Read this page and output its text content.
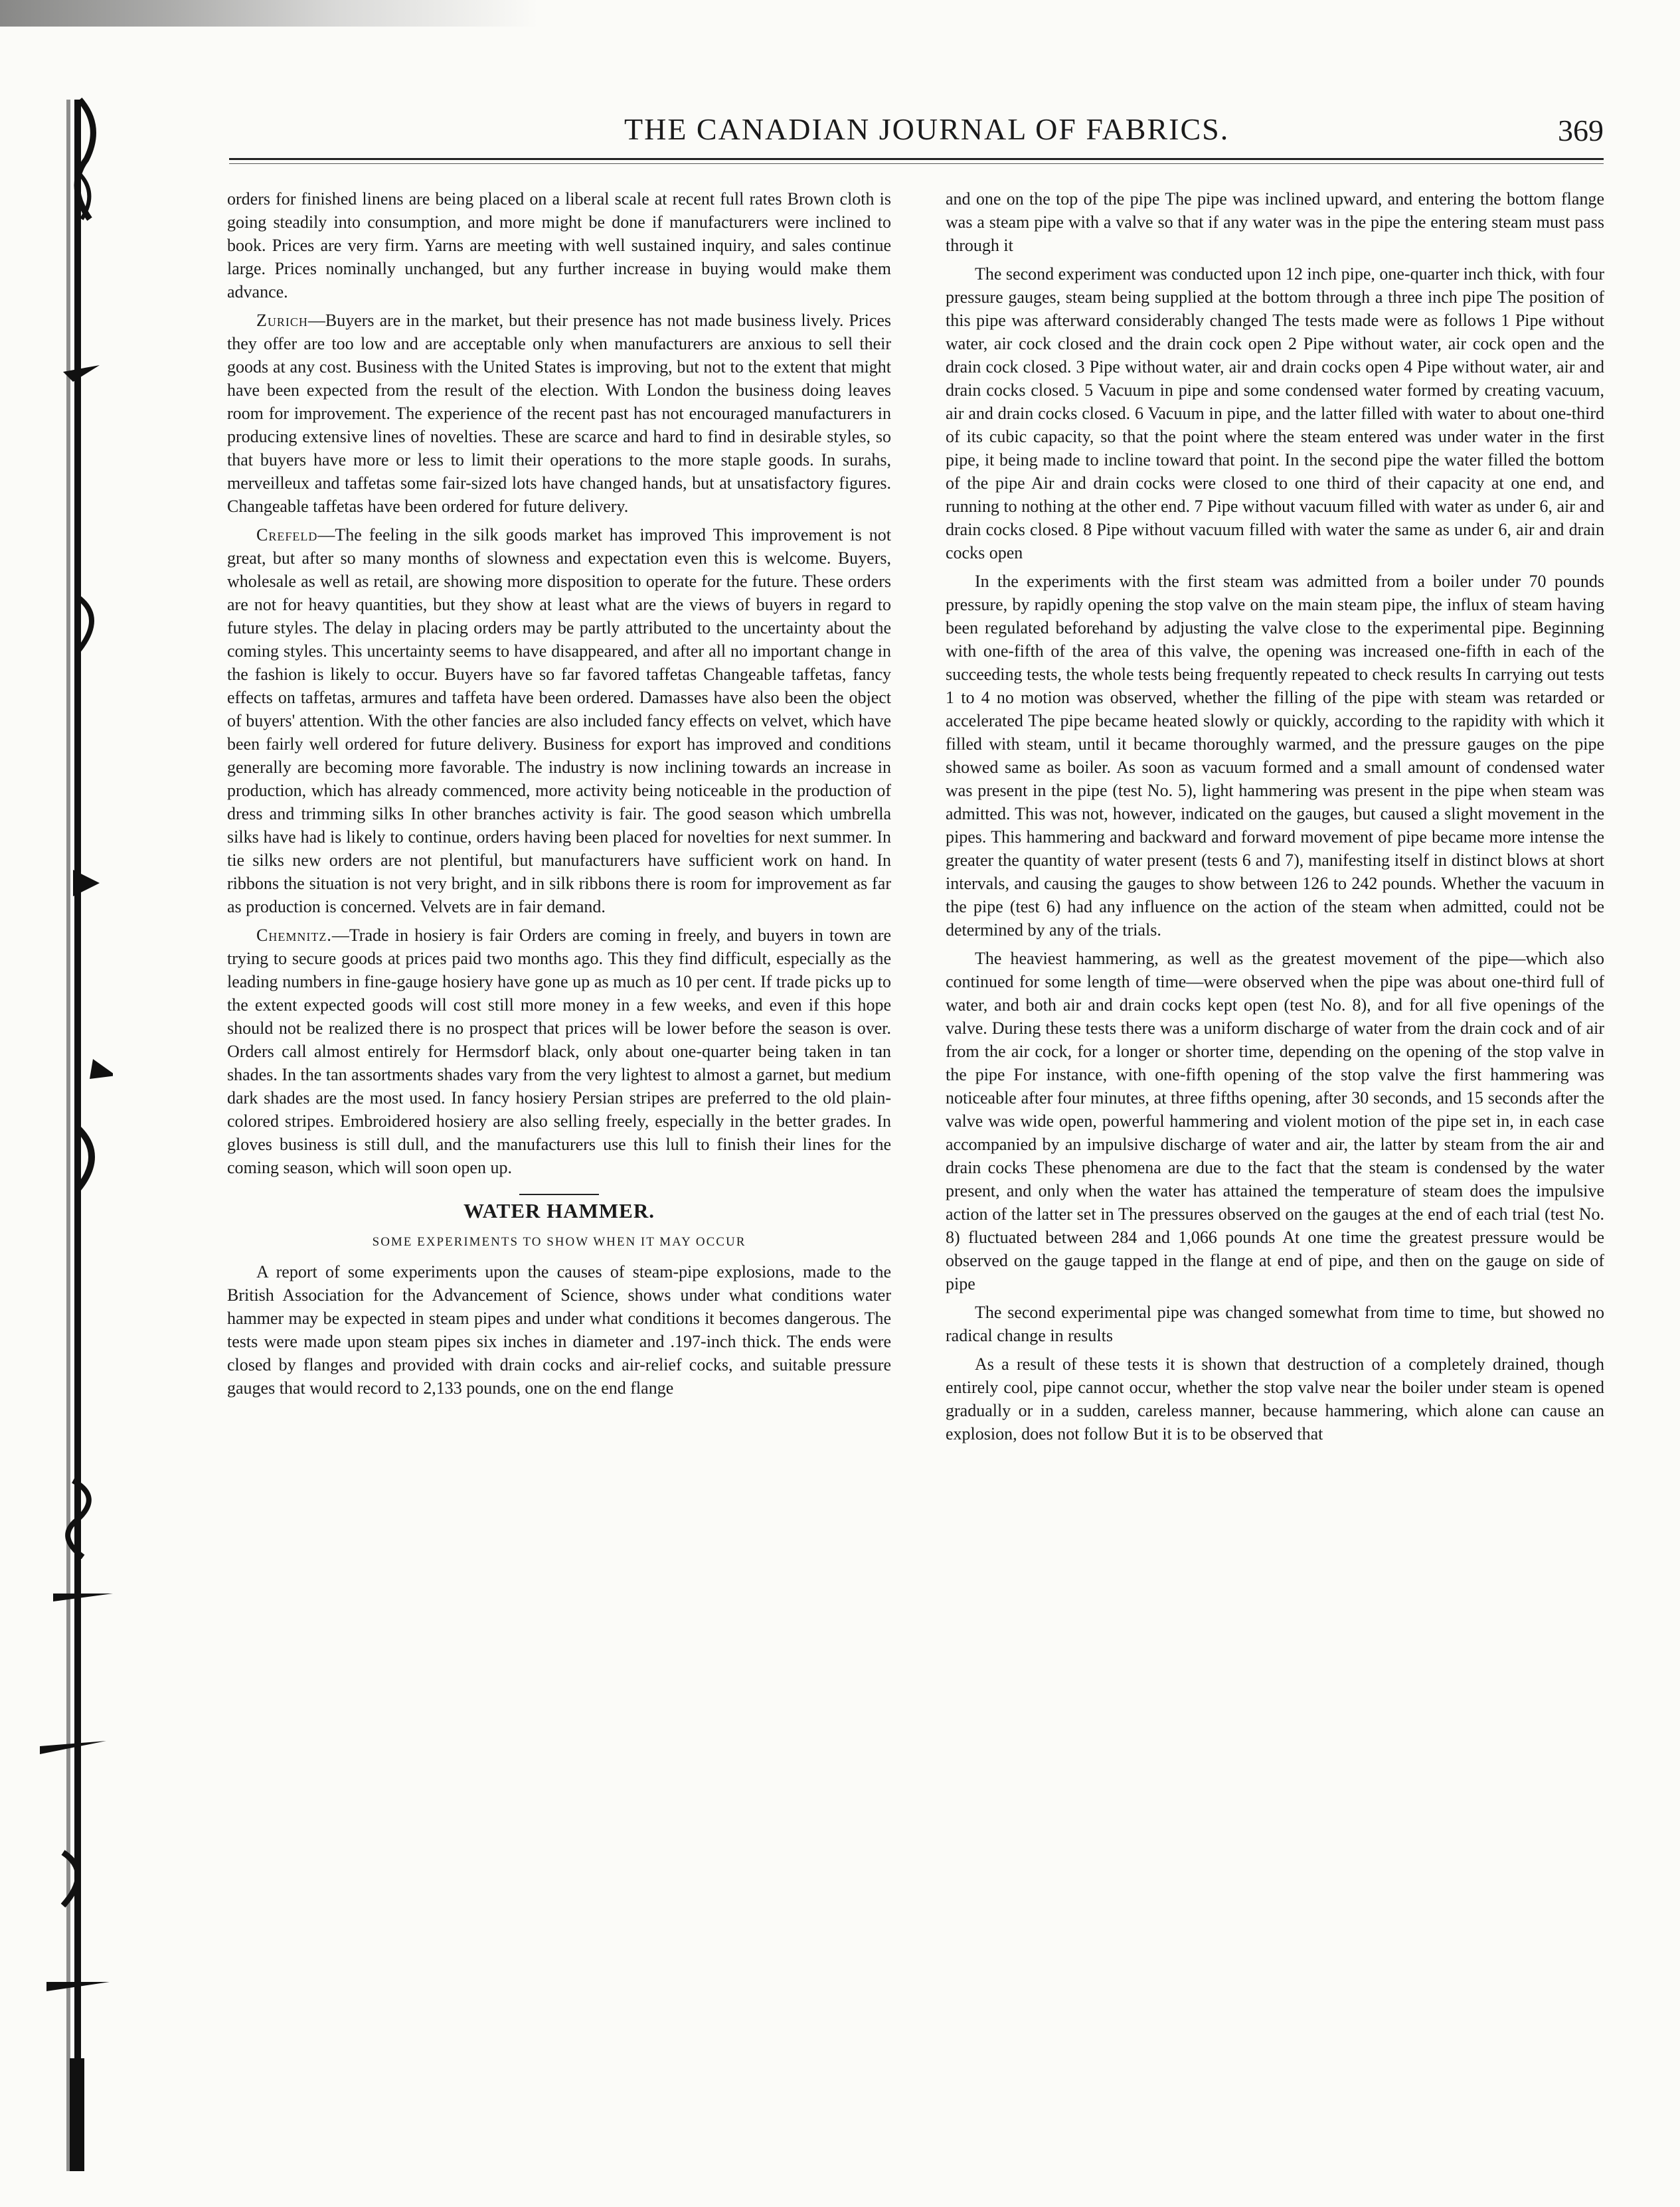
THE CANADIAN JOURNAL OF FABRICS.	369

orders for finished linens are being placed on a liberal scale at recent full rates Brown cloth is going steadily into consumption, and more might be done if manufacturers were inclined to book. Prices are very firm. Yarns are meeting with well sustained inquiry, and sales continue large. Prices nominally unchanged, but any further increase in buying would make them advance.

Zurich—Buyers are in the market, but their presence has not made business lively. Prices they offer are too low and are acceptable only when manufacturers are anxious to sell their goods at any cost. Business with the United States is improving, but not to the extent that might have been expected from the result of the election. With London the business doing leaves room for improvement. The experience of the recent past has not encouraged manufacturers in producing extensive lines of novelties. These are scarce and hard to find in desirable styles, so that buyers have more or less to limit their operations to the more staple goods. In surahs, merveilleux and taffetas some fair-sized lots have changed hands, but at unsatisfactory figures. Changeable taffetas have been ordered for future delivery.

Crefeld—The feeling in the silk goods market has improved This improvement is not great, but after so many months of slowness and expectation even this is welcome. Buyers, wholesale as well as retail, are showing more disposition to operate for the future. These orders are not for heavy quantities, but they show at least what are the views of buyers in regard to future styles. The delay in placing orders may be partly attributed to the uncertainty about the coming styles. This uncertainty seems to have disappeared, and after all no important change in the fashion is likely to occur. Buyers have so far favored taffetas Changeable taffetas, fancy effects on taffetas, armures and taffeta have been ordered. Damasses have also been the object of buyers' attention. With the other fancies are also included fancy effects on velvet, which have been fairly well ordered for future delivery. Business for export has improved and conditions generally are becoming more favorable. The industry is now inclining towards an increase in production, which has already commenced, more activity being noticeable in the production of dress and trimming silks In other branches activity is fair. The good season which umbrella silks have had is likely to continue, orders having been placed for novelties for next summer. In tie silks new orders are not plentiful, but manufacturers have sufficient work on hand. In ribbons the situation is not very bright, and in silk ribbons there is room for improvement as far as production is concerned. Velvets are in fair demand.

Chemnitz.—Trade in hosiery is fair Orders are coming in freely, and buyers in town are trying to secure goods at prices paid two months ago. This they find difficult, especially as the leading numbers in fine-gauge hosiery have gone up as much as 10 per cent. If trade picks up to the extent expected goods will cost still more money in a few weeks, and even if this hope should not be realized there is no prospect that prices will be lower before the season is over. Orders call almost entirely for Hermsdorf black, only about one-quarter being taken in tan shades. In the tan assortments shades vary from the very lightest to almost a garnet, but medium dark shades are the most used. In fancy hosiery Persian stripes are preferred to the old plain-colored stripes. Embroidered hosiery are also selling freely, especially in the better grades. In gloves business is still dull, and the manufacturers use this lull to finish their lines for the coming season, which will soon open up.

WATER HAMMER.
SOME EXPERIMENTS TO SHOW WHEN IT MAY OCCUR

A report of some experiments upon the causes of steam-pipe explosions, made to the British Association for the Advancement of Science, shows under what conditions water hammer may be expected in steam pipes and under what conditions it becomes dangerous. The tests were made upon steam pipes six inches in diameter and .197-inch thick. The ends were closed by flanges and provided with drain cocks and air-relief cocks, and suitable pressure gauges that would record to 2,133 pounds, one on the end flange

and one on the top of the pipe The pipe was inclined upward, and entering the bottom flange was a steam pipe with a valve so that if any water was in the pipe the entering steam must pass through it

The second experiment was conducted upon 12 inch pipe, one-quarter inch thick, with four pressure gauges, steam being supplied at the bottom through a three inch pipe The position of this pipe was afterward considerably changed The tests made were as follows 1 Pipe without water, air cock closed and the drain cock open 2 Pipe without water, air cock open and the drain cock closed. 3 Pipe without water, air and drain cocks open 4 Pipe without water, air and drain cocks closed. 5 Vacuum in pipe and some condensed water formed by creating vacuum, air and drain cocks closed. 6 Vacuum in pipe, and the latter filled with water to about one-third of its cubic capacity, so that the point where the steam entered was under water in the first pipe, it being made to incline toward that point. In the second pipe the water filled the bottom of the pipe Air and drain cocks were closed to one third of their capacity at one end, and running to nothing at the other end. 7 Pipe without vacuum filled with water as under 6, air and drain cocks closed. 8 Pipe without vacuum filled with water the same as under 6, air and drain cocks open

In the experiments with the first steam was admitted from a boiler under 70 pounds pressure, by rapidly opening the stop valve on the main steam pipe, the influx of steam having been regulated beforehand by adjusting the valve close to the experimental pipe. Beginning with one-fifth of the area of this valve, the opening was increased one-fifth in each of the succeeding tests, the whole tests being frequently repeated to check results In carrying out tests 1 to 4 no motion was observed, whether the filling of the pipe with steam was retarded or accelerated The pipe became heated slowly or quickly, according to the rapidity with which it filled with steam, until it became thoroughly warmed, and the pressure gauges on the pipe showed same as boiler. As soon as vacuum formed and a small amount of condensed water was present in the pipe (test No. 5), light hammering was present in the pipe when steam was admitted. This was not, however, indicated on the gauges, but caused a slight movement in the pipes. This hammering and backward and forward movement of pipe became more intense the greater the quantity of water present (tests 6 and 7), manifesting itself in distinct blows at short intervals, and causing the gauges to show between 126 to 242 pounds. Whether the vacuum in the pipe (test 6) had any influence on the action of the steam when admitted, could not be determined by any of the trials.

The heaviest hammering, as well as the greatest movement of the pipe—which also continued for some length of time—were observed when the pipe was about one-third full of water, and both air and drain cocks kept open (test No. 8), and for all five openings of the valve. During these tests there was a uniform discharge of water from the drain cock and of air from the air cock, for a longer or shorter time, depending on the opening of the stop valve in the pipe For instance, with one-fifth opening of the stop valve the first hammering was noticeable after four minutes, at three fifths opening, after 30 seconds, and 15 seconds after the valve was wide open, powerful hammering and violent motion of the pipe set in, in each case accompanied by an impulsive discharge of water and air, the latter by steam from the air and drain cocks These phenomena are due to the fact that the steam is condensed by the water present, and only when the water has attained the temperature of steam does the impulsive action of the latter set in The pressures observed on the gauges at the end of each trial (test No. 8) fluctuated between 284 and 1,066 pounds At one time the greatest pressure would be observed on the gauge tapped in the flange at end of pipe, and then on the gauge on side of pipe

The second experimental pipe was changed somewhat from time to time, but showed no radical change in results

As a result of these tests it is shown that destruction of a completely drained, though entirely cool, pipe cannot occur, whether the stop valve near the boiler under steam is opened gradually or in a sudden, careless manner, because hammering, which alone can cause an explosion, does not follow But it is to be observed that
